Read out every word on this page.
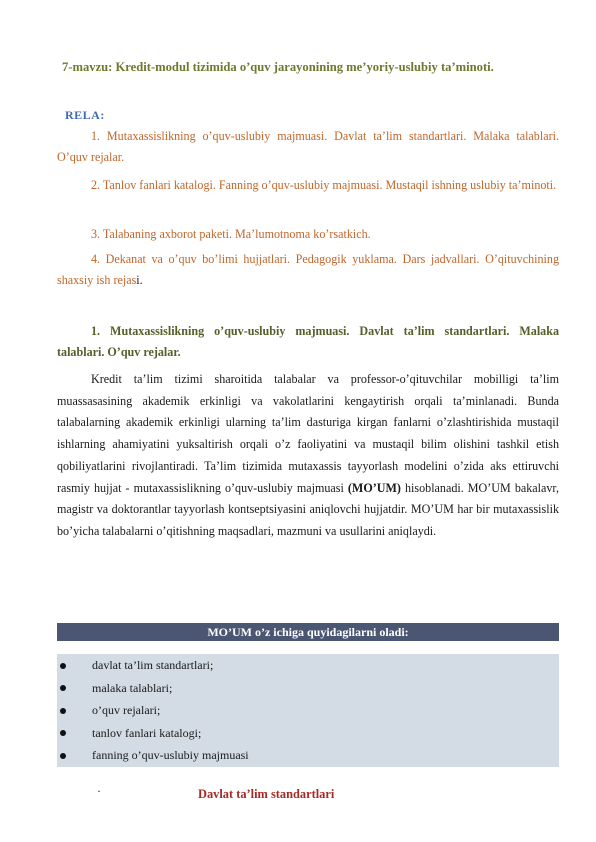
7-mavzu: Kredit-modul tizimida o’quv jarayonining me’yoriy-uslubiy ta’minoti.
RELA:
1. Mutaxassislikning o’quv-uslubiy majmuasi. Davlat ta’lim standartlari. Malaka talablari. O’quv rejalar.
2. Tanlov fanlari katalogi. Fanning o’quv-uslubiy majmuasi. Mustaqil ishning uslubiy ta’minoti.
3. Talabaning axborot paketi. Ma’lumotnoma ko’rsatkich.
4. Dekanat va o’quv bo’limi hujjatlari. Pedagogik yuklama. Dars jadvallari. O’qituvchining shaxsiy ish rejasi.
1. Mutaxassislikning o’quv-uslubiy majmuasi. Davlat ta’lim standartlari. Malaka talablari. O’quv rejalar.
Kredit ta’lim tizimi sharoitida talabalar va professor-o’qituvchilar mobilligi ta’lim muassasasining akademik erkinligi va vakolatlarini kengaytirish orqali ta’minlanadi. Bunda talabalarning akademik erkinligi ularning ta’lim dasturiga kirgan fanlarni o’zlashtirishida mustaqil ishlarning ahamiyatini yuksaltirish orqali o’z faoliyatini va mustaqil bilim olishini tashkil etish qobiliyatlarini rivojlantiradi. Ta’lim tizimida mutaxassis tayyorlash modelini o’zida aks ettiruvchi rasmiy hujjat - mutaxassislikning o’quv-uslubiy majmuasi (MO’UM) hisoblanadi. MO’UM bakalavr, magistr va doktorantlar tayyorlash kontseptsiyasini aniqlovchi hujjatdir. MO’UM har bir mutaxassislik bo’yicha talabalarni o’qitishning maqsadlari, mazmuni va usullarini aniqlaydi.
MO’UM o’z ichiga quyidagilarni oladi:
davlat ta’lim standartlari;
malaka talablari;
o’quv rejalari;
tanlov fanlari katalogi;
fanning o’quv-uslubiy majmuasi
·	Davlat ta’lim standartlari
